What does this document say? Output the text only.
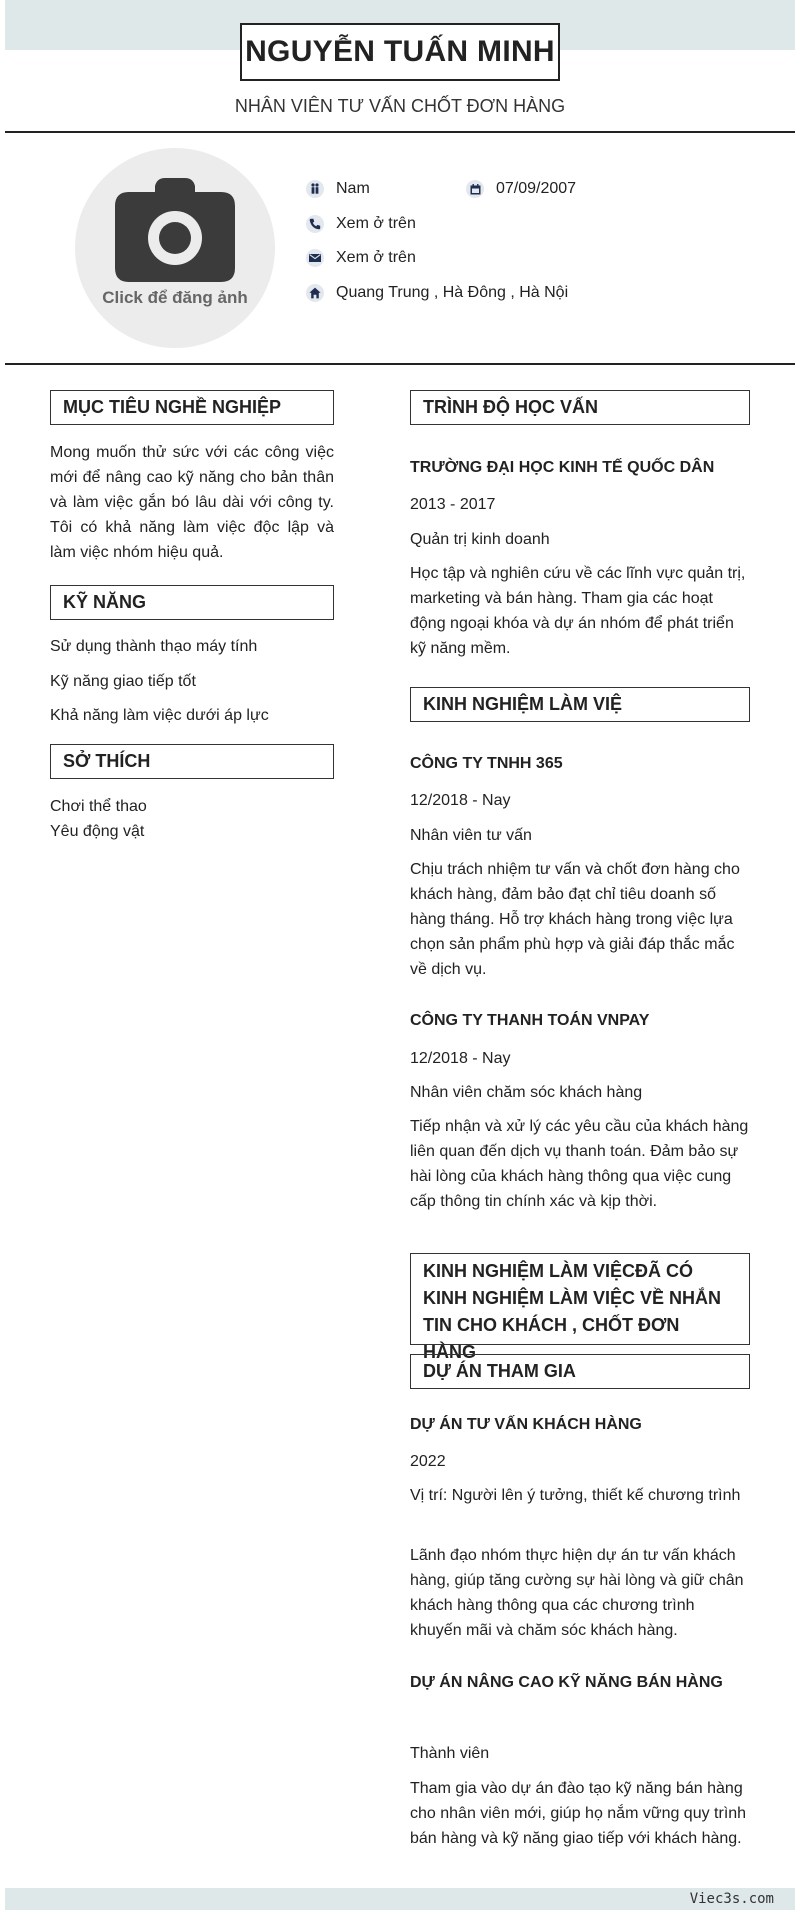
Viec3s.com
NGUYỄN TUẤN MINH
NHÂN VIÊN TƯ VẤN CHỐT ĐƠN HÀNG
Click để đăng ảnh
Nam	07/09/2007
Xem ở trên
Xem ở trên
Quang Trung , Hà Đông , Hà Nội
MỤC TIÊU NGHỀ NGHIỆP
Mong muốn thử sức với các công việc mới để nâng cao kỹ năng cho bản thân và làm việc gắn bó lâu dài với công ty. Tôi có khả năng làm việc độc lập và làm việc nhóm hiệu quả.
KỸ NĂNG
Sử dụng thành thạo máy tính
Kỹ năng giao tiếp tốt
Khả năng làm việc dưới áp lực
SỞ THÍCH
Chơi thể thao
Yêu động vật
TRÌNH ĐỘ HỌC VẤN
TRƯỜNG ĐẠI HỌC KINH TẾ QUỐC DÂN
2013 - 2017
Quản trị kinh doanh
Học tập và nghiên cứu về các lĩnh vực quản trị, marketing và bán hàng. Tham gia các hoạt động ngoại khóa và dự án nhóm để phát triển kỹ năng mềm.
KINH NGHIỆM LÀM VIỆ
CÔNG TY TNHH 365
12/2018 - Nay
Nhân viên tư vấn
Chịu trách nhiệm tư vấn và chốt đơn hàng cho khách hàng, đảm bảo đạt chỉ tiêu doanh số hàng tháng. Hỗ trợ khách hàng trong việc lựa chọn sản phẩm phù hợp và giải đáp thắc mắc về dịch vụ.
CÔNG TY THANH TOÁN VNPAY
12/2018 - Nay
Nhân viên chăm sóc khách hàng
Tiếp nhận và xử lý các yêu cầu của khách hàng liên quan đến dịch vụ thanh toán. Đảm bảo sự hài lòng của khách hàng thông qua việc cung cấp thông tin chính xác và kịp thời.
KINH NGHIỆM LÀM VIỆCĐÃ CÓ KINH NGHIỆM LÀM VIỆC VỀ NHẮN TIN CHO KHÁCH , CHỐT ĐƠN HÀNG
DỰ ÁN THAM GIA
DỰ ÁN TƯ VẤN KHÁCH HÀNG
2022
Vị trí: Người lên ý tưởng, thiết kế chương trình
Lãnh đạo nhóm thực hiện dự án tư vấn khách hàng, giúp tăng cường sự hài lòng và giữ chân khách hàng thông qua các chương trình khuyến mãi và chăm sóc khách hàng.
DỰ ÁN NÂNG CAO KỸ NĂNG BÁN HÀNG
Thành viên
Tham gia vào dự án đào tạo kỹ năng bán hàng cho nhân viên mới, giúp họ nắm vững quy trình bán hàng và kỹ năng giao tiếp với khách hàng.
